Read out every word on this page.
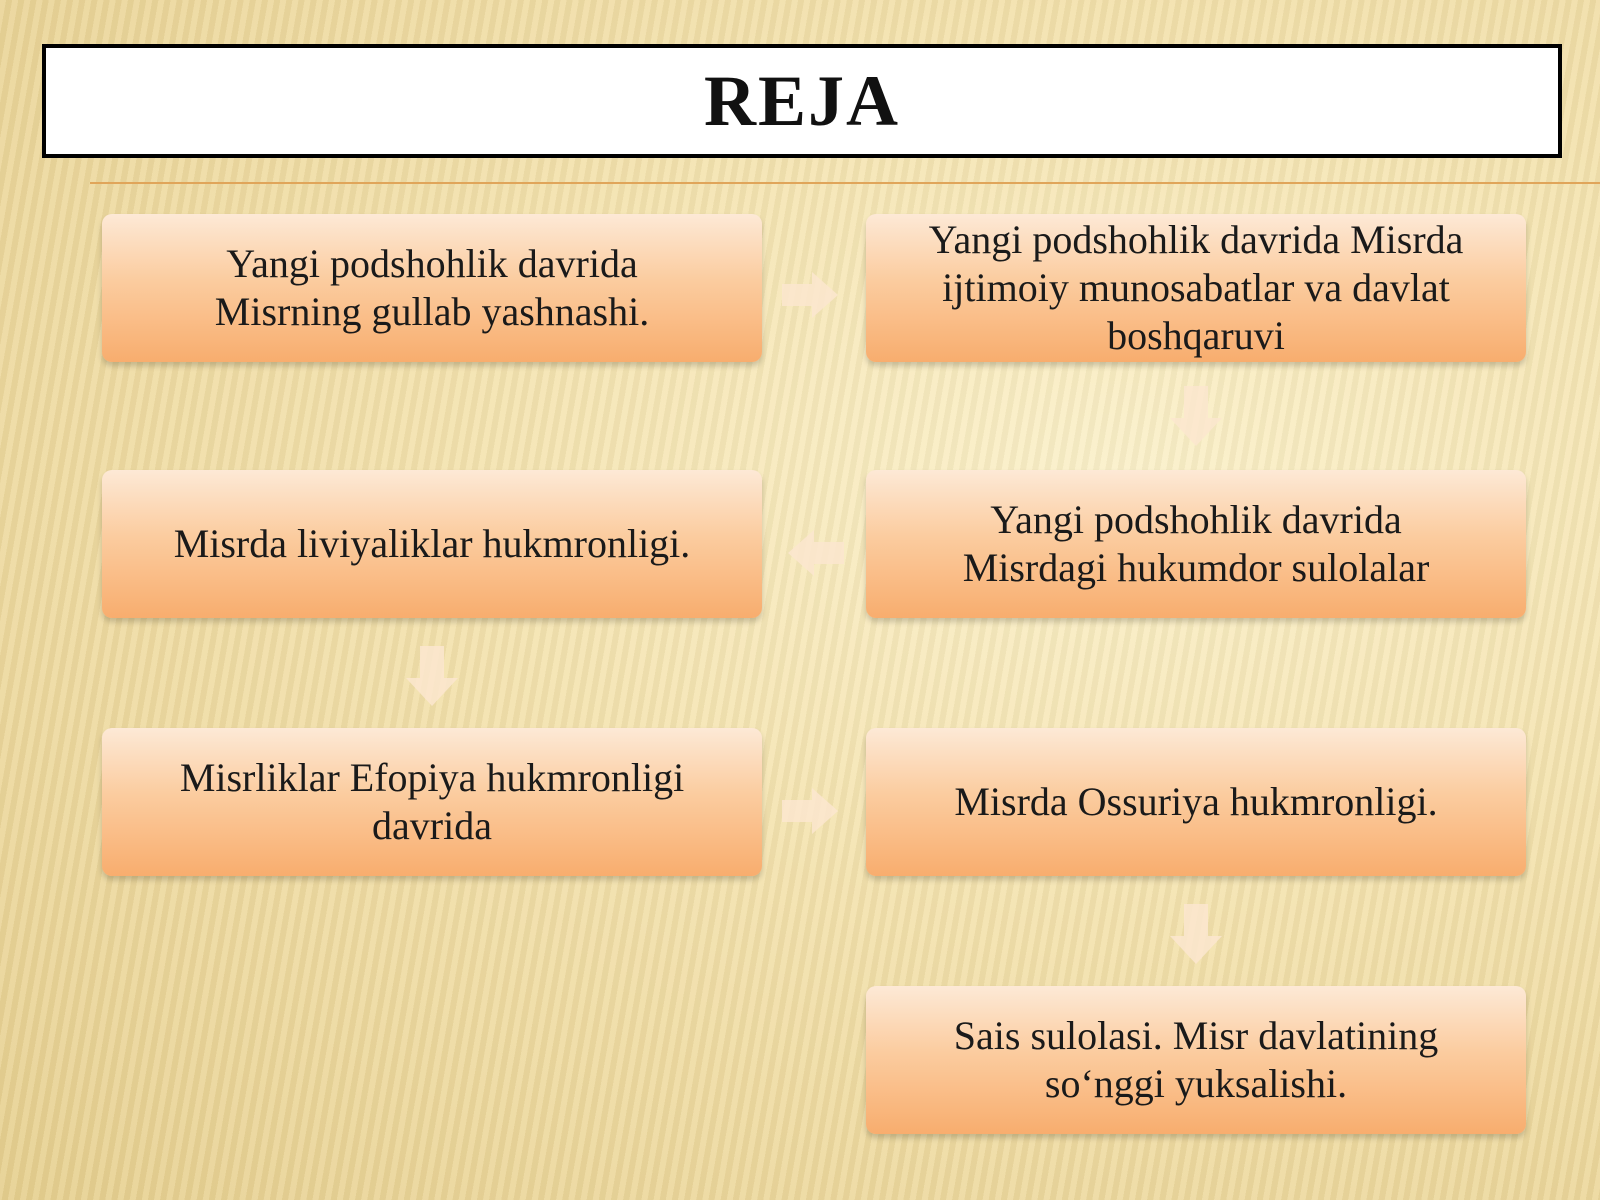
REJA
Yangi podshohlik davrida Misrning gullab yashnashi.
Yangi podshohlik davrida Misrda ijtimoiy munosabatlar va davlat boshqaruvi
Yangi podshohlik davrida Misrdagi hukumdor sulolalar
Misrda liviyaliklar hukmronligi.
Misrliklar Efopiya hukmronligi davrida
Misrda Ossuriya hukmronligi.
Sais sulolasi. Misr davlatining so‘nggi yuksalishi.
